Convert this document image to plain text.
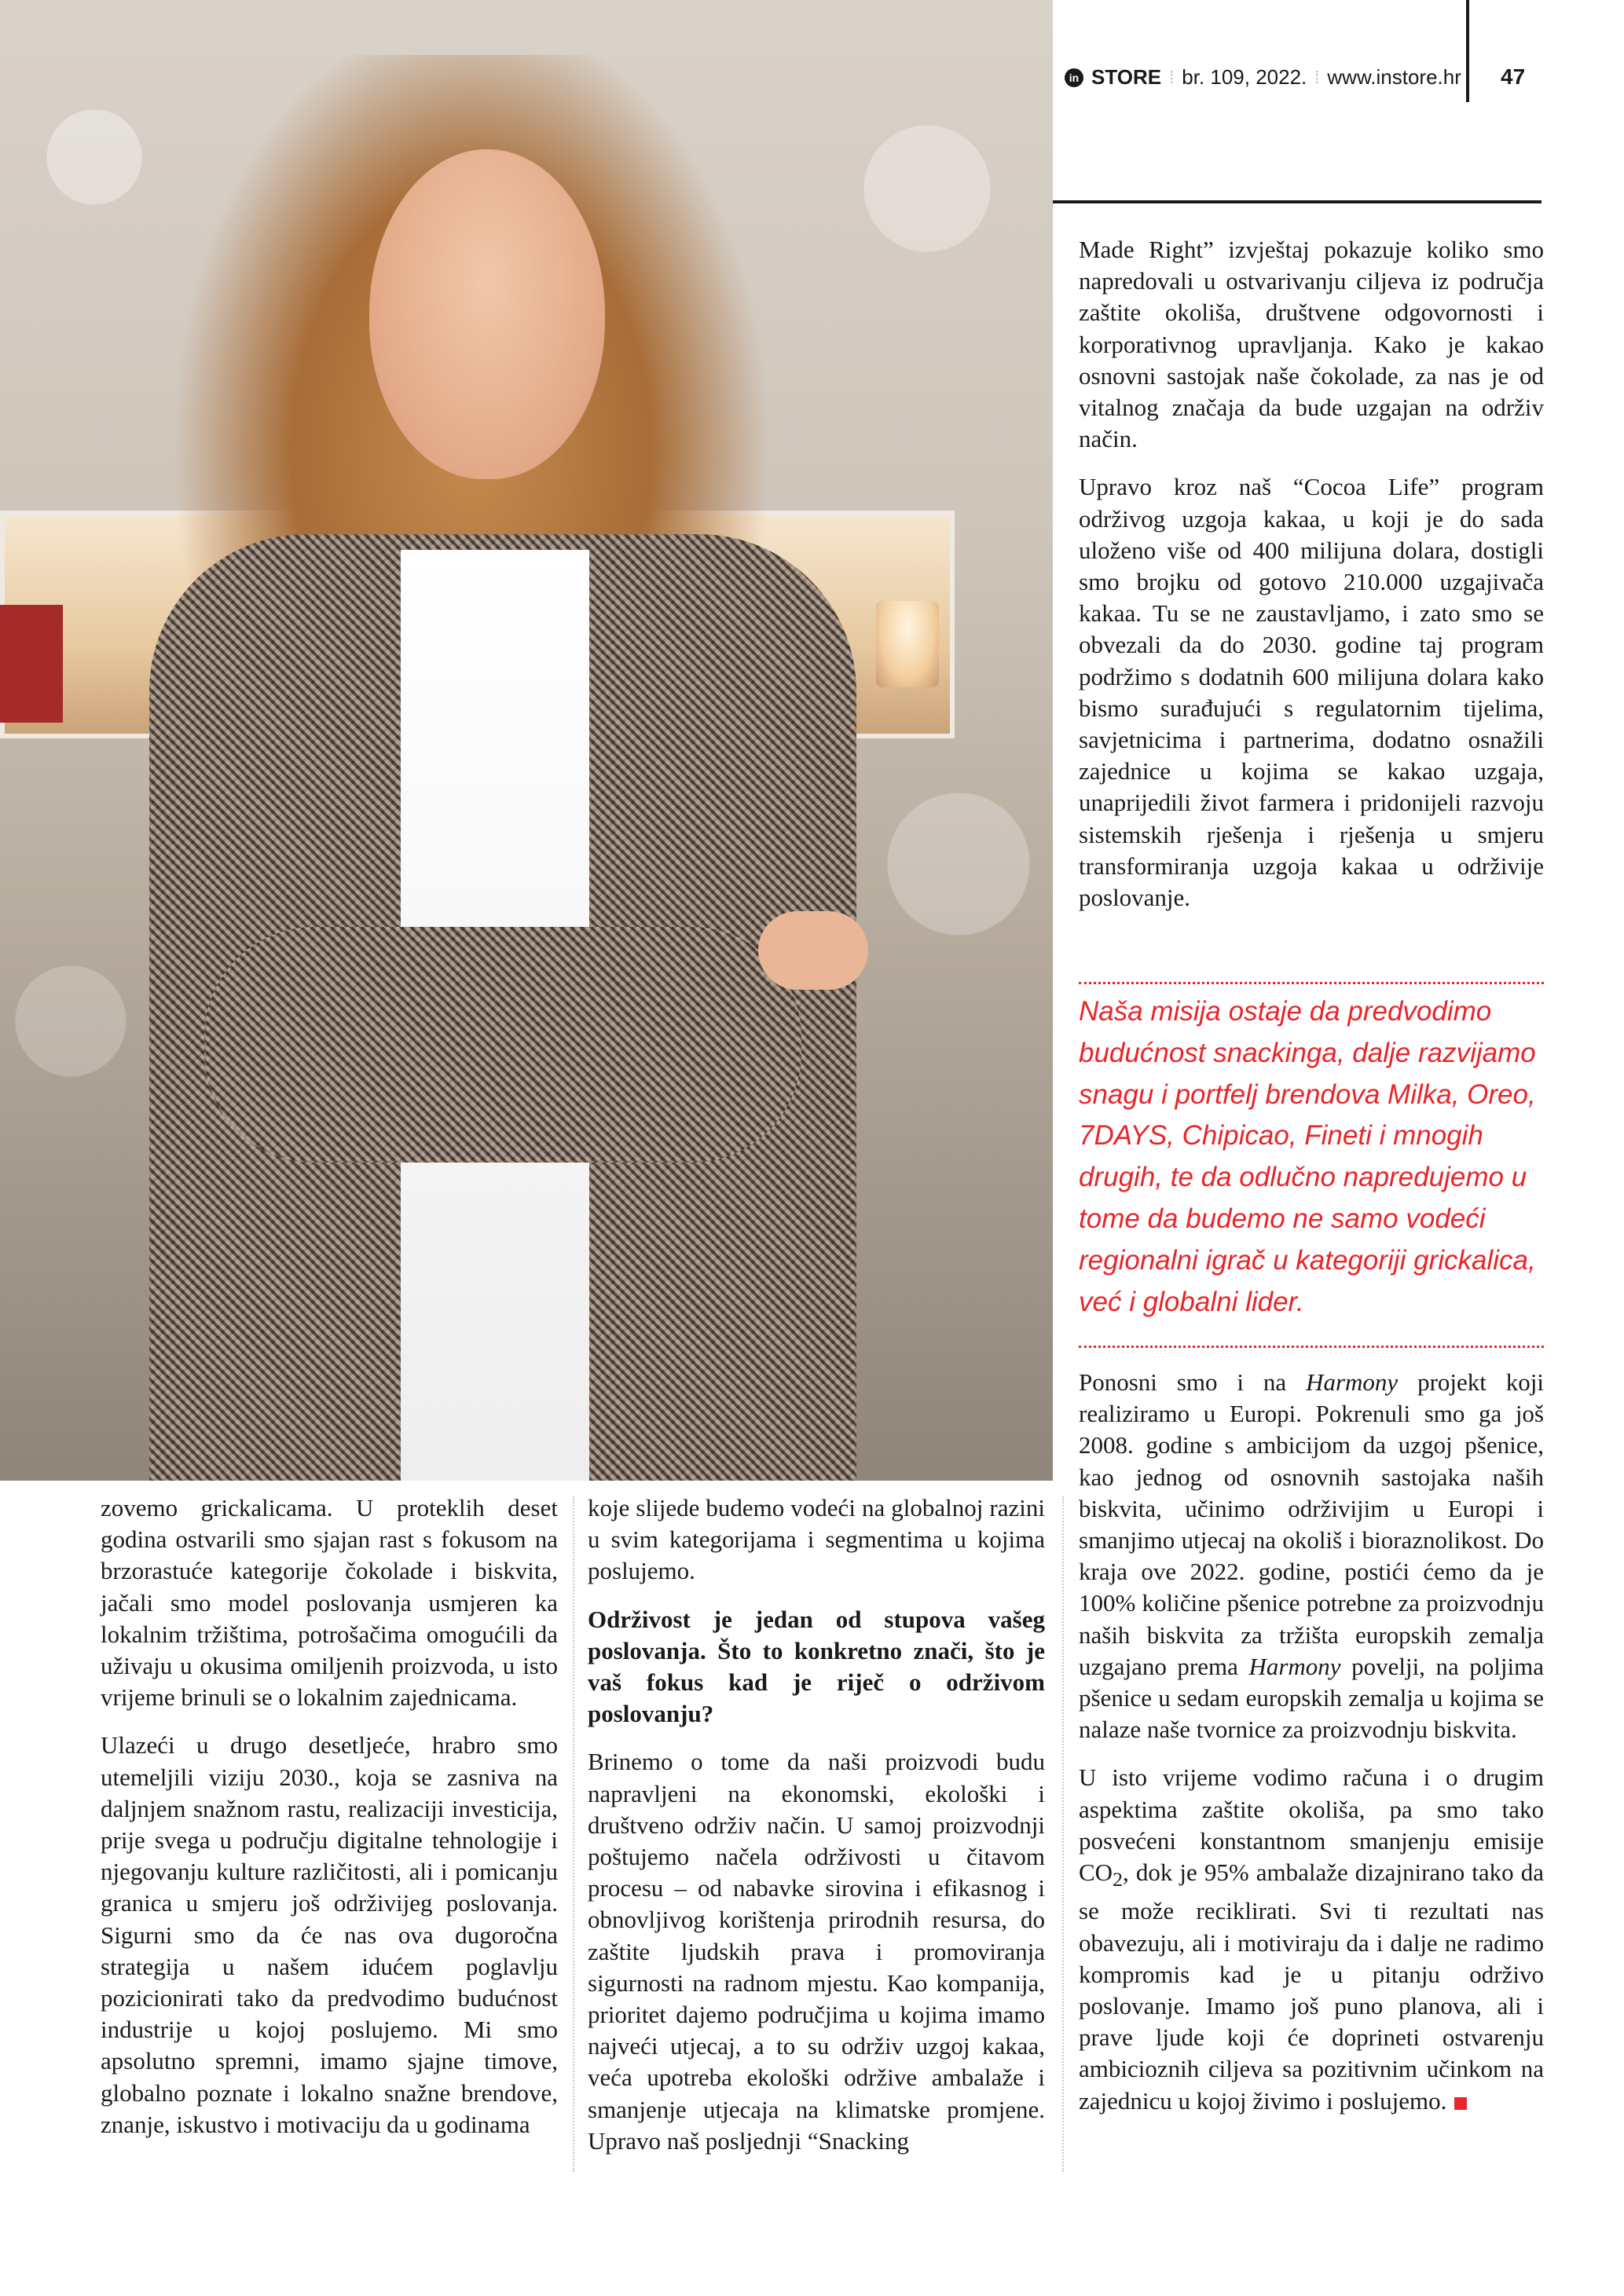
in STORE ⁞ br. 109, 2022. ⁞ www.instore.hr 47

Made Right” izvještaj pokazuje koliko smo napredovali u ostvarivanju ciljeva iz područja zaštite okoliša, društvene odgovornosti i korporativnog upravljanja. Kako je kakao osnovni sastojak naše čokolade, za nas je od vitalnog značaja da bude uzgajan na održiv način.

Upravo kroz naš “Cocoa Life” program održivog uzgoja kakaa, u koji je do sada uloženo više od 400 milijuna dolara, dostigli smo brojku od gotovo 210.000 uzgajivača kakaa. Tu se ne zaustavljamo, i zato smo se obvezali da do 2030. godine taj program podržimo s dodatnih 600 milijuna dolara kako bismo surađujući s regulatornim tijelima, savjetnicima i partnerima, dodatno osnažili zajednice u kojima se kakao uzgaja, unaprijedili život farmera i pridonijeli razvoju sistemskih rješenja i rješenja u smjeru transformiranja uzgoja kakaa u održivije poslovanje.

Naša misija ostaje da predvodimo budućnost snackinga, dalje razvijamo snagu i portfelj brendova Milka, Oreo, 7DAYS, Chipicao, Fineti i mnogih drugih, te da odlučno napredujemo u tome da budemo ne samo vodeći regionalni igrač u kategoriji grickalica, već i globalni lider.

Ponosni smo i na Harmony projekt koji realiziramo u Europi. Pokrenuli smo ga još 2008. godine s ambicijom da uzgoj pšenice, kao jednog od osnovnih sastojaka naših biskvita, učinimo održivijim u Europi i smanjimo utjecaj na okoliš i bioraznolikost. Do kraja ove 2022. godine, postići ćemo da je 100% količine pšenice potrebne za proizvodnju naših biskvita za tržišta europskih zemalja uzgajano prema Harmony povelji, na poljima pšenice u sedam europskih zemalja u kojima se nalaze naše tvornice za proizvodnju biskvita.

U isto vrijeme vodimo računa i o drugim aspektima zaštite okoliša, pa smo tako posvećeni konstantnom smanjenju emisije $CO_2$, dok je 95% ambalaže dizajnirano tako da se može reciklirati. Svi ti rezultati nas obavezuju, ali i motiviraju da i dalje ne radimo kompromis kad je u pitanju održivo poslovanje. Imamo još puno planova, ali i prave ljude koji će doprineti ostvarenju ambicioznih ciljeva sa pozitivnim učinkom na zajednicu u kojoj živimo i poslujemo.

zovemo grickalicama. U proteklih deset godina ostvarili smo sjajan rast s fokusom na brzorastuće kategorije čokolade i biskvita, jačali smo model poslovanja usmjeren ka lokalnim tržištima, potrošačima omogućili da uživaju u okusima omiljenih proizvoda, u isto vrijeme brinuli se o lokalnim zajednicama.

Ulazeći u drugo desetljeće, hrabro smo utemeljili viziju 2030., koja se zasniva na daljnjem snažnom rastu, realizaciji investicija, prije svega u području digitalne tehnologije i njegovanju kulture različitosti, ali i pomicanju granica u smjeru još održivijeg poslovanja. Sigurni smo da će nas ova dugoročna strategija u našem idućem poglavlju pozicionirati tako da predvodimo budućnost industrije u kojoj poslujemo. Mi smo apsolutno spremni, imamo sjajne timove, globalno poznate i lokalno snažne brendove, znanje, iskustvo i motivaciju da u godinama

koje slijede budemo vodeći na globalnoj razini u svim kategorijama i segmentima u kojima poslujemo.

Održivost je jedan od stupova vašeg poslovanja. Što to konkretno znači, što je vaš fokus kad je riječ o održivom poslovanju?

Brinemo o tome da naši proizvodi budu napravljeni na ekonomski, ekološki i društveno održiv način. U samoj proizvodnji poštujemo načela održivosti u čitavom procesu – od nabavke sirovina i efikasnog i obnovljivog korištenja prirodnih resursa, do zaštite ljudskih prava i promoviranja sigurnosti na radnom mjestu. Kao kompanija, prioritet dajemo područjima u kojima imamo najveći utjecaj, a to su održiv uzgoj kakaa, veća upotreba ekološki održive ambalaže i smanjenje utjecaja na klimatske promjene. Upravo naš posljednji “Snacking
